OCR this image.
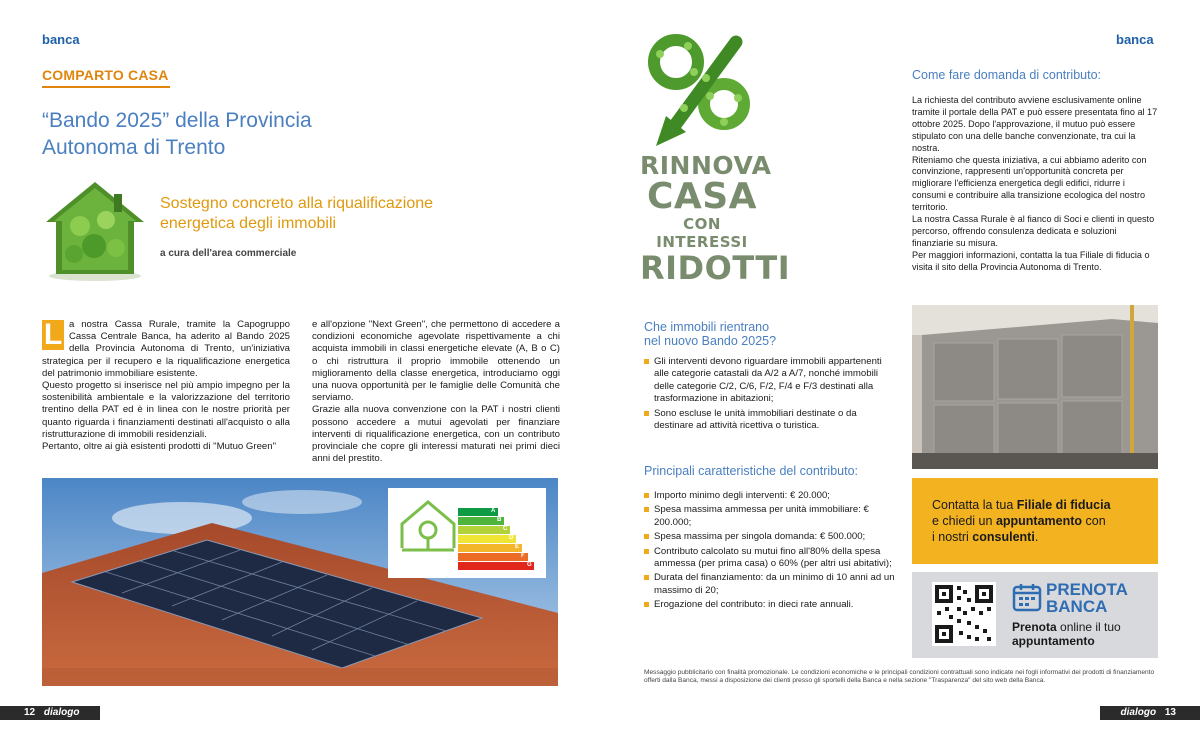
banca
COMPARTO CASA
“Bando 2025” della Provincia Autonoma di Trento
Sostegno concreto alla riqualificazione energetica degli immobili
a cura dell'area commerciale
L a nostra Cassa Rurale, tramite la Capogruppo Cassa Centrale Banca, ha aderito al Bando 2025 della Provincia Autonoma di Trento, un'iniziativa strategica per il recupero e la riqualificazione energetica del patrimonio immobiliare esistente.

Questo progetto si inserisce nel più ampio impegno per la sostenibilità ambientale e la valorizzazione del territorio trentino della PAT ed è in linea con le nostre priorità per quanto riguarda i finanziamenti destinati all'acquisto o alla ristrutturazione di immobili residenziali.

Pertanto, oltre ai già esistenti prodotti di "Mutuo Green"

e all'opzione "Next Green", che permettono di accedere a condizioni economiche agevolate rispettivamente a chi acquista immobili in classi energetiche elevate (A, B o C) o chi ristruttura il proprio immobile ottenendo un miglioramento della classe energetica, introduciamo oggi una nuova opportunità per le famiglie delle Comunità che serviamo.

Grazie alla nuova convenzione con la PAT i nostri clienti possono accedere a mutui agevolati per finanziare interventi di riqualificazione energetica, con un contributo provinciale che copre gli interessi maturati nei primi dieci anni del prestito.

A
B
C
D
E
F
G
12 dialogo
banca
RINNOVA
CASA
CON INTERESSI
RIDOTTI
Come fare domanda di contributo:

La richiesta del contributo avviene esclusivamente online tramite il portale della PAT e può essere presentata fino al 17 ottobre 2025. Dopo l'approvazione, il mutuo può essere stipulato con una delle banche convenzionate, tra cui la nostra.

Riteniamo che questa iniziativa, a cui abbiamo aderito con convinzione, rappresenti un'opportunità concreta per migliorare l'efficienza energetica degli edifici, ridurre i consumi e contribuire alla transizione ecologica del nostro territorio.

La nostra Cassa Rurale è al fianco di Soci e clienti in questo percorso, offrendo consulenza dedicata e soluzioni finanziarie su misura.

Per maggiori informazioni, contatta la tua Filiale di fiducia o visita il sito della Provincia Autonoma di Trento.

Che immobili rientrano
nel nuovo Bando 2025?
Gli interventi devono riguardare immobili appartenenti alle categorie catastali da A/2 a A/7, nonché immobili delle categorie C/2, C/6, F/2, F/4 e F/3 destinati alla trasformazione in abitazioni;
Sono escluse le unità immobiliari destinate o da destinare ad attività ricettiva o turistica.
Principali caratteristiche del contributo:
Importo minimo degli interventi: € 20.000;
Spesa massima ammessa per unità immobiliare: € 200.000;
Spesa massima per singola domanda: € 500.000;
Contributo calcolato su mutui fino all'80% della spesa ammessa (per prima casa) o 60% (per altri usi abitativi);
Durata del finanziamento: da un minimo di 10 anni ad un massimo di 20;
Erogazione del contributo: in dieci rate annuali.
Contatta la tua Filiale di fiducia
e chiedi un appuntamento con
i nostri consulenti.
PRENOTA
BANCA
Prenota online il tuo
appuntamento
Messaggio pubblicitario con finalità promozionale. Le condizioni economiche e le principali condizioni contrattuali sono indicate nei fogli informativi dei prodotti di finanziamento offerti dalla Banca, messi a disposizione dei clienti presso gli sportelli della Banca e nella sezione "Trasparenza" del sito web della Banca.
dialogo 13
